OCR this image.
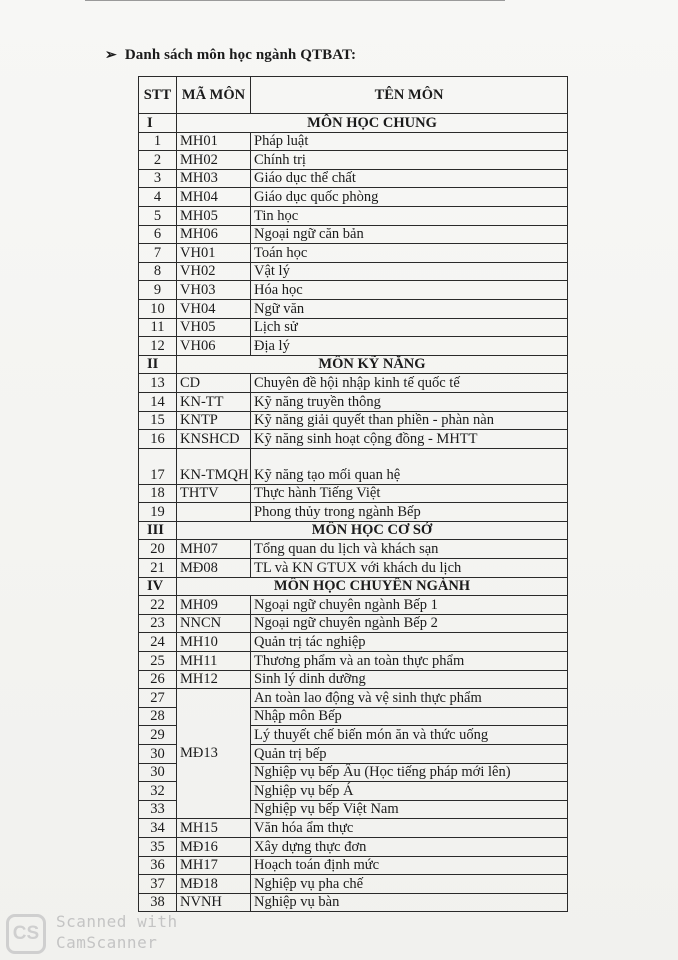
➢ Danh sách môn học ngành QTBAT:
STT	MÃ MÔN	TÊN MÔN
I	MÔN HỌC CHUNG	
1	MH01	Pháp luật
2	MH02	Chính trị
3	MH03	Giáo dục thể chất
4	MH04	Giáo dục quốc phòng
5	MH05	Tin học
6	MH06	Ngoại ngữ căn bản
7	VH01	Toán học
8	VH02	Vật lý
9	VH03	Hóa học
10	VH04	Ngữ văn
11	VH05	Lịch sử
12	VH06	Địa lý
II	MÔN KỸ NĂNG	
13	CD	Chuyên đề hội nhập kinh tế quốc tế
14	KN-TT	Kỹ năng truyền thông
15	KNTP	Kỹ năng giải quyết than phiền - phàn nàn
16	KNSHCD	Kỹ năng sinh hoạt cộng đồng - MHTT
17	KN-TMQH	Kỹ năng tạo mối quan hệ
18	THTV	Thực hành Tiếng Việt
19		Phong thủy trong ngành Bếp
III	MÔN HỌC CƠ SỞ	
20	MH07	Tổng quan du lịch và khách sạn
21	MĐ08	TL và KN GTUX với khách du lịch
IV	MÔN HỌC CHUYÊN NGÀNH	
22	MH09	Ngoại ngữ chuyên ngành Bếp 1
23	NNCN	Ngoại ngữ chuyên ngành Bếp 2
24	MH10	Quản trị tác nghiệp
25	MH11	Thương phẩm và an toàn thực phẩm
26	MH12	Sinh lý dinh dưỡng
27	MĐ13	An toàn lao động và vệ sinh thực phẩm
28		Nhập môn Bếp
29		Lý thuyết chế biến món ăn và thức uống
30		Quản trị bếp
30		Nghiệp vụ bếp Âu (Học tiếng pháp mới lên)
32		Nghiệp vụ bếp Á
33		Nghiệp vụ bếp Việt Nam
34	MH15	Văn hóa ẩm thực
35	MĐ16	Xây dựng thực đơn
36	MH17	Hoạch toán định mức
37	MĐ18	Nghiệp vụ pha chế
38	NVNH	Nghiệp vụ bàn
CS
Scanned with
CamScanner
